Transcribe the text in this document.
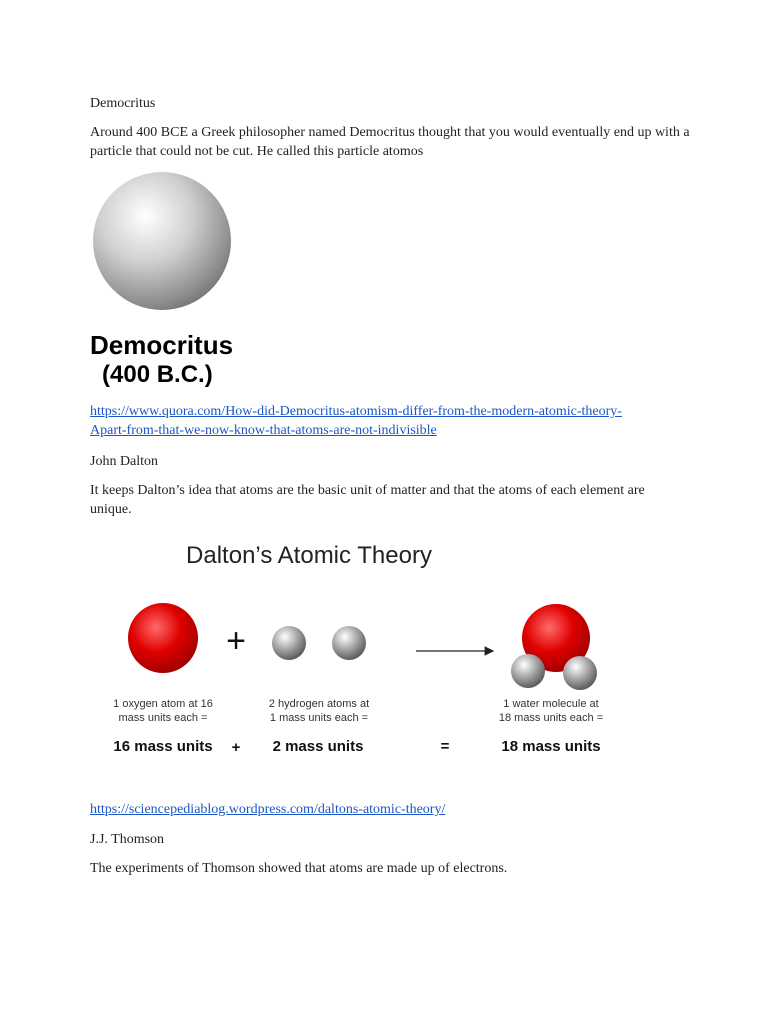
Democritus

Around 400 BCE a Greek philosopher named Democritus thought that you would eventually end up with a particle that could not be cut. He called this particle atomos

Democritus
(400 B.C.)

https://www.quora.com/How-did-Democritus-atomism-differ-from-the-modern-atomic-theory-
Apart-from-that-we-now-know-that-atoms-are-not-indivisible

John Dalton

It keeps Dalton’s idea that atoms are the basic unit of matter and that the atoms of each element are unique.

Dalton’s Atomic Theory
+
1 oxygen atom at 16
mass units each =
2 hydrogen atoms at
1 mass units each =
1 water molecule at
18 mass units each =
16 mass units + 2 mass units	=	18 mass units

https://sciencepediablog.wordpress.com/daltons-atomic-theory/

J.J. Thomson

The experiments of Thomson showed that atoms are made up of electrons.
